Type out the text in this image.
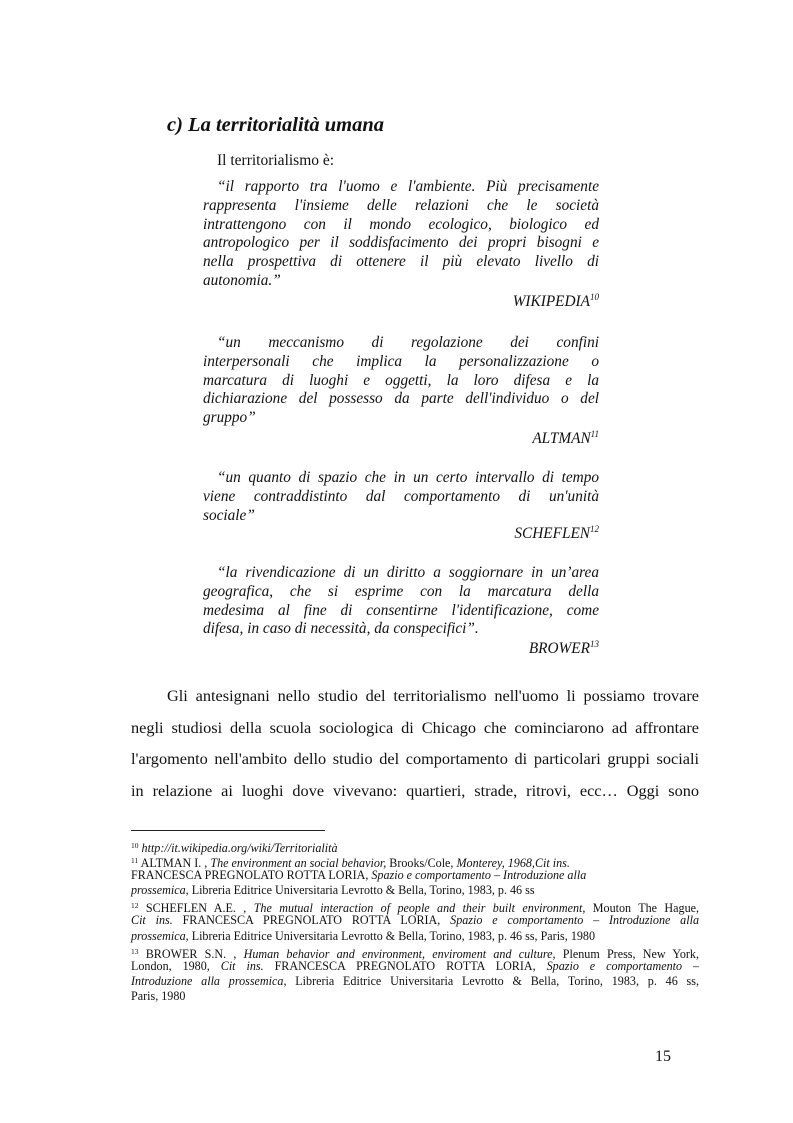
c) La territorialità umana
Il territorialismo è:
“il rapporto tra l'uomo e l'ambiente. Più precisamente
rappresenta l'insieme delle relazioni che le società
intrattengono con il mondo ecologico, biologico ed
antropologico per il soddisfacimento dei propri bisogni e
nella prospettiva di ottenere il più elevato livello di
autonomia.”
WIKIPEDIA$^{10}$
“un meccanismo di regolazione dei confini
interpersonali che implica la personalizzazione o
marcatura di luoghi e oggetti, la loro difesa e la
dichiarazione del possesso da parte dell'individuo o del
gruppo”
ALTMAN$^{11}$
“un quanto di spazio che in un certo intervallo di tempo
viene contraddistinto dal comportamento di un'unità
sociale”
SCHEFLEN$^{12}$
“la rivendicazione di un diritto a soggiornare in un’area
geografica, che si esprime con la marcatura della
medesima al fine di consentirne l'identificazione, come
difesa, in caso di necessità, da conspecifici”.
BROWER$^{13}$
Gli antesignani nello studio del territorialismo nell'uomo li possiamo trovare
negli studiosi della scuola sociologica di Chicago che cominciarono ad affrontare
l'argomento nell'ambito dello studio del comportamento di particolari gruppi sociali
in relazione ai luoghi dove vivevano: quartieri, strade, ritrovi, ecc… Oggi sono
$^{10}$ http://it.wikipedia.org/wiki/Territorialità
$^{11}$ ALTMAN I. , The environment an social behavior, Brooks/Cole, Monterey, 1968,Cit ins.
FRANCESCA PREGNOLATO ROTTA LORIA, Spazio e comportamento – Introduzione alla
prossemica, Libreria Editrice Universitaria Levrotto & Bella, Torino, 1983, p. 46 ss
$^{12}$ SCHEFLEN A.E. , The mutual interaction of people and their built environment, Mouton The Hague,
Cit ins. FRANCESCA PREGNOLATO ROTTA LORIA, Spazio e comportamento – Introduzione alla
prossemica, Libreria Editrice Universitaria Levrotto & Bella, Torino, 1983, p. 46 ss, Paris, 1980
$^{13}$ BROWER S.N. , Human behavior and environment, enviroment and culture, Plenum Press, New York,
London, 1980, Cit ins. FRANCESCA PREGNOLATO ROTTA LORIA, Spazio e comportamento –
Introduzione alla prossemica, Libreria Editrice Universitaria Levrotto & Bella, Torino, 1983, p. 46 ss,
Paris, 1980
15
